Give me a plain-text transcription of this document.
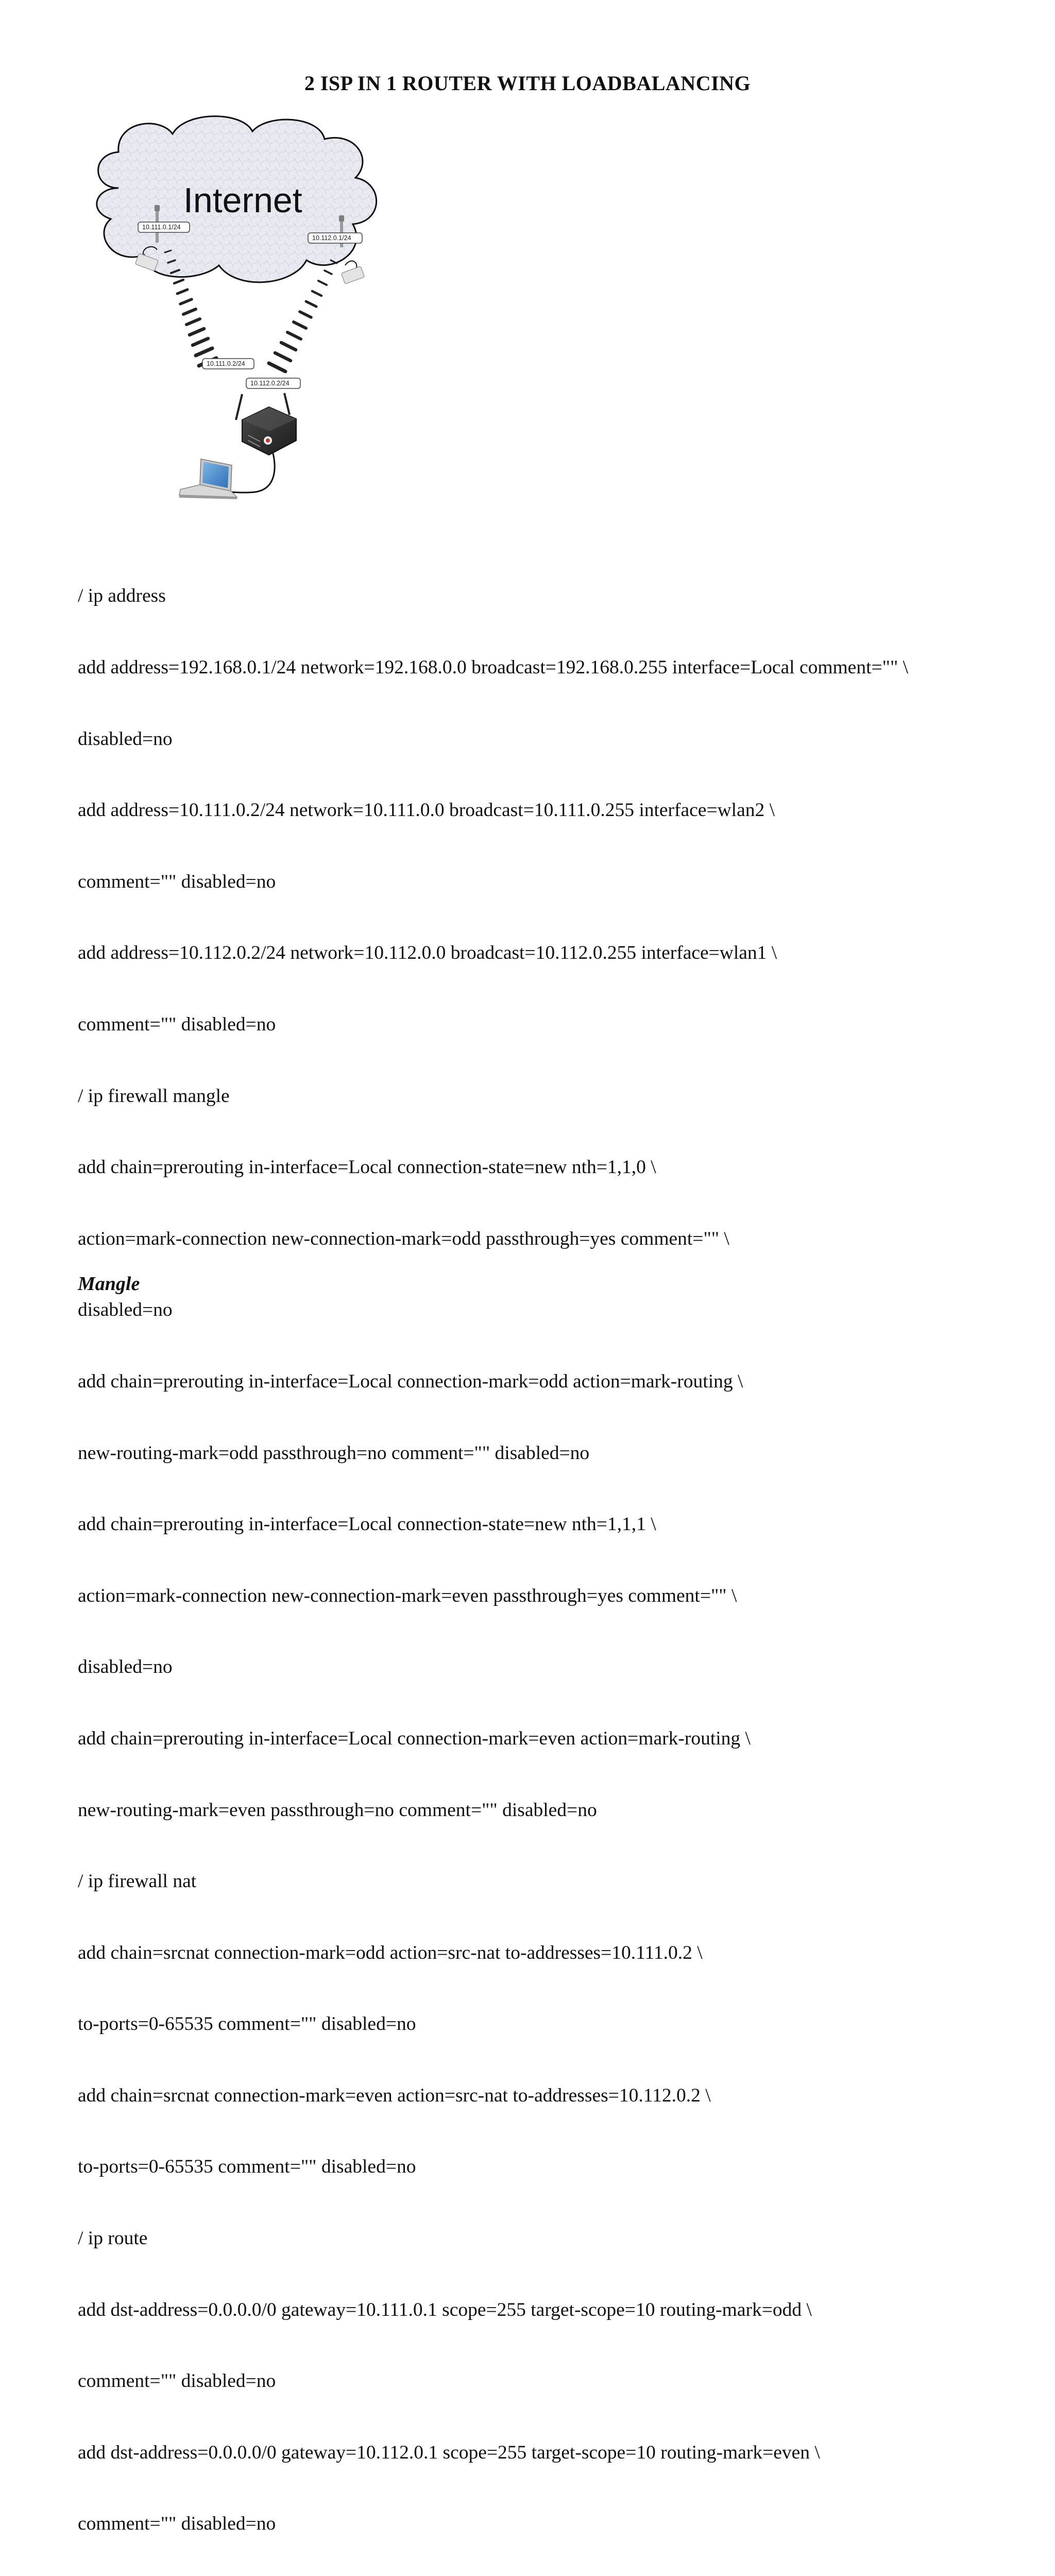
2 ISP IN 1 ROUTER WITH LOADBALANCING
Internet
10.111.0.1/24
10.112.0.1/24
10.111.0.2/24
10.112.0.2/24

/ ip address

add address=192.168.0.1/24 network=192.168.0.0 broadcast=192.168.0.255 interface=Local comment="" \

disabled=no

add address=10.111.0.2/24 network=10.111.0.0 broadcast=10.111.0.255 interface=wlan2 \

comment="" disabled=no

add address=10.112.0.2/24 network=10.112.0.0 broadcast=10.112.0.255 interface=wlan1 \

comment="" disabled=no

/ ip firewall mangle

add chain=prerouting in-interface=Local connection-state=new nth=1,1,0 \

action=mark-connection new-connection-mark=odd passthrough=yes comment="" \

disabled=no

add chain=prerouting in-interface=Local connection-mark=odd action=mark-routing \

new-routing-mark=odd passthrough=no comment="" disabled=no

add chain=prerouting in-interface=Local connection-state=new nth=1,1,1 \

action=mark-connection new-connection-mark=even passthrough=yes comment="" \

disabled=no

add chain=prerouting in-interface=Local connection-mark=even action=mark-routing \

new-routing-mark=even passthrough=no comment="" disabled=no

/ ip firewall nat

add chain=srcnat connection-mark=odd action=src-nat to-addresses=10.111.0.2 \

to-ports=0-65535 comment="" disabled=no

add chain=srcnat connection-mark=even action=src-nat to-addresses=10.112.0.2 \

to-ports=0-65535 comment="" disabled=no

/ ip route

add dst-address=0.0.0.0/0 gateway=10.111.0.1 scope=255 target-scope=10 routing-mark=odd \

comment="" disabled=no

add dst-address=0.0.0.0/0 gateway=10.112.0.1 scope=255 target-scope=10 routing-mark=even \

comment="" disabled=no

Mangle
